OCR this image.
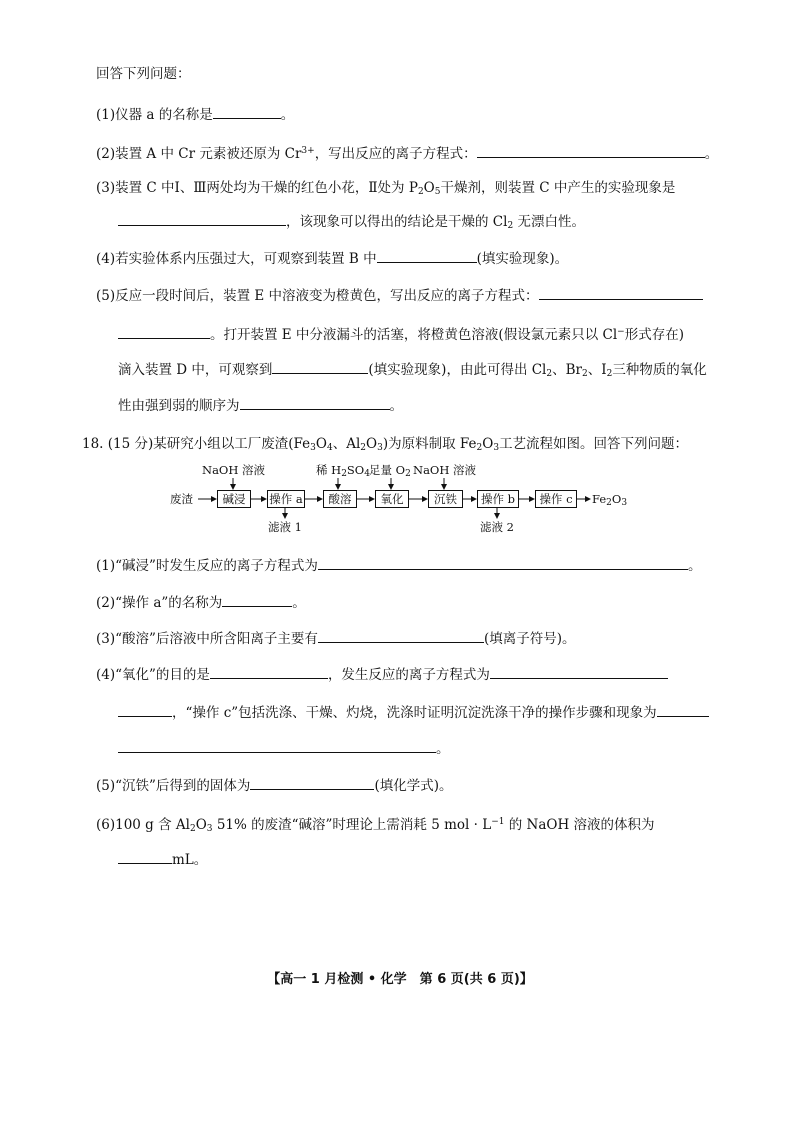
回答下列问题：
(1)仪器 a 的名称是	。
(2)装置 A 中 Cr 元素被还原为 $Cr^{3+}$，写出反应的离子方程式：	。
(3)装置 C 中Ⅰ、Ⅲ两处均为干燥的红色小花，Ⅱ处为 $P_2O_5$干燥剂，则装置 C 中产生的实验现象是
，该现象可以得出的结论是干燥的 $Cl_2$ 无漂白性。
(4)若实验体系内压强过大，可观察到装置 B 中	(填实验现象)。
(5)反应一段时间后，装置 E 中溶液变为橙黄色，写出反应的离子方程式：
。打开装置 E 中分液漏斗的活塞，将橙黄色溶液(假设氯元素只以 Cl−形式存在)
滴入装置 D 中，可观察到	(填实验现象)，由此可得出 $Cl_2$、$Br_2$、$I_2$三种物质的氧化
性由强到弱的顺序为	。
18. (15 分)某研究小组以工厂废渣($Fe_3O_4$、$Al_2O_3$)为原料制取 $Fe_2O_3$工艺流程如图。回答下列问题：
NaOH 溶液	稀 $H_2SO_4$ 足量 $O_2$ NaOH 溶液
废渣	碱浸	操作 a	酸溶	氧化	沉铁	操作 b	操作 c	$Fe_2O_3$
滤液 1	滤液 2
(1)“碱浸”时发生反应的离子方程式为	。
(2)“操作 a”的名称为	。
(3)“酸溶”后溶液中所含阳离子主要有	(填离子符号)。
(4)“氧化”的目的是	，发生反应的离子方程式为
，“操作 c”包括洗涤、干燥、灼烧，洗涤时证明沉淀洗涤干净的操作步骤和现象为
。
(5)“沉铁”后得到的固体为	(填化学式)。
(6)100 g 含 $Al_2O_3$ 51% 的废渣“碱溶”时理论上需消耗 5 mol · $L^{-1}$ 的 NaOH 溶液的体积为
mL。
【高一 1 月检测 • 化学　第 6 页(共 6 页)】
